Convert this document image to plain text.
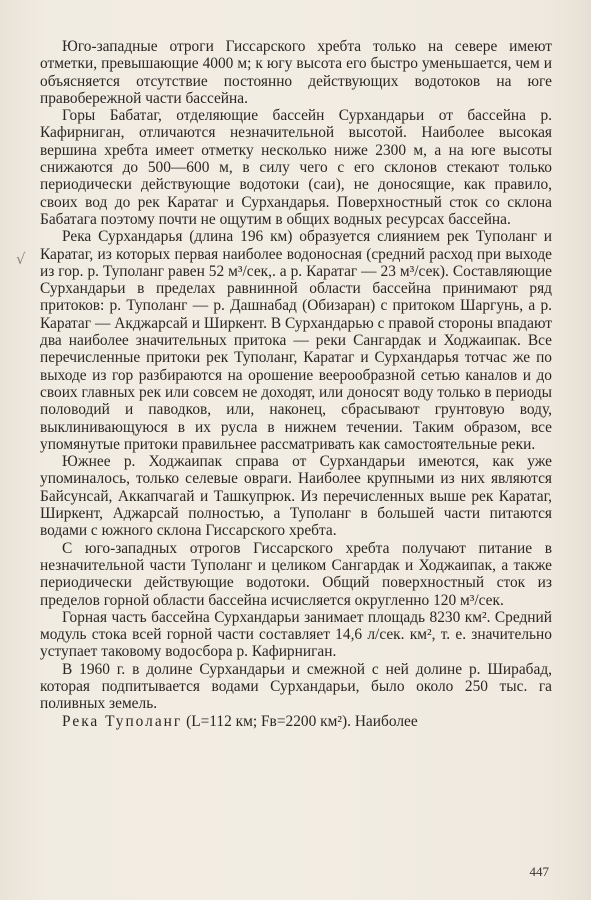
√

Юго-западные отроги Гиссарского хребта только на севере имеют отметки, превышающие 4000 м; к югу высота его быстро уменьшается, чем и объясняется отсутствие постоянно действующих водотоков на юге правобережной части бассейна.

Горы Бабатаг, отделяющие бассейн Сурхандарьи от бассейна р. Кафирниган, отличаются незначительной высотой. Наиболее высокая вершина хребта имеет отметку несколько ниже 2300 м, а на юге высоты снижаются до 500—600 м, в силу чего с его склонов стекают только периодически действующие водотоки (саи), не доносящие, как правило, своих вод до рек Каратаг и Сурхандарья. Поверхностный сток со склона Бабатага поэтому почти не ощутим в общих водных ресурсах бассейна.

Река Сурхандарья (длина 196 км) образуется слиянием рек Туполанг и Каратаг, из которых первая наиболее водоносная (средний расход при выходе из гор. р. Туполанг равен 52 м³/сек,. а р. Каратаг — 23 м³/сек). Составляющие Сурхандарьи в пределах равнинной области бассейна принимают ряд притоков: р. Туполанг — р. Дашнабад (Обизаран) с притоком Шаргунь, а р. Каратаг — Акджарсай и Ширкент. В Сурхандарью с правой стороны впадают два наиболее значительных притока — реки Сангардак и Ходжаипак. Все перечисленные притоки рек Туполанг, Каратаг и Сурхандарья тотчас же по выходе из гор разбираются на орошение веерообразной сетью каналов и до своих главных рек или совсем не доходят, или доносят воду только в периоды половодий и паводков, или, наконец, сбрасывают грунтовую воду, выклинивающуюся в их русла в нижнем течении. Таким образом, все упомянутые притоки правильнее рассматривать как самостоятельные реки.

Южнее р. Ходжаипак справа от Сурхандарьи имеются, как уже упоминалось, только селевые овраги. Наиболее крупными из них являются Байсунсай, Аккапчагай и Ташкупрюк. Из перечисленных выше рек Каратаг, Ширкент, Аджарсай полностью, а Туполанг в большей части питаются водами с южного склона Гиссарского хребта.

С юго-западных отрогов Гиссарского хребта получают питание в незначительной части Туполанг и целиком Сангардак и Ходжаипак, а также периодически действующие водотоки. Общий поверхностный сток из пределов горной области бассейна исчисляется округленно 120 м³/сек.

Горная часть бассейна Сурхандарьи занимает площадь 8230 км². Средний модуль стока всей горной части составляет 14,6 л/сек. км², т. е. значительно уступает таковому водосбора р. Кафирниган.

В 1960 г. в долине Сурхандарьи и смежной с ней долине р. Ширабад, которая подпитывается водами Сурхандарьи, было около 250 тыс. га поливных земель.

Река Туполанг (L=112 км; Fв=2200 км²). Наиболее

447
